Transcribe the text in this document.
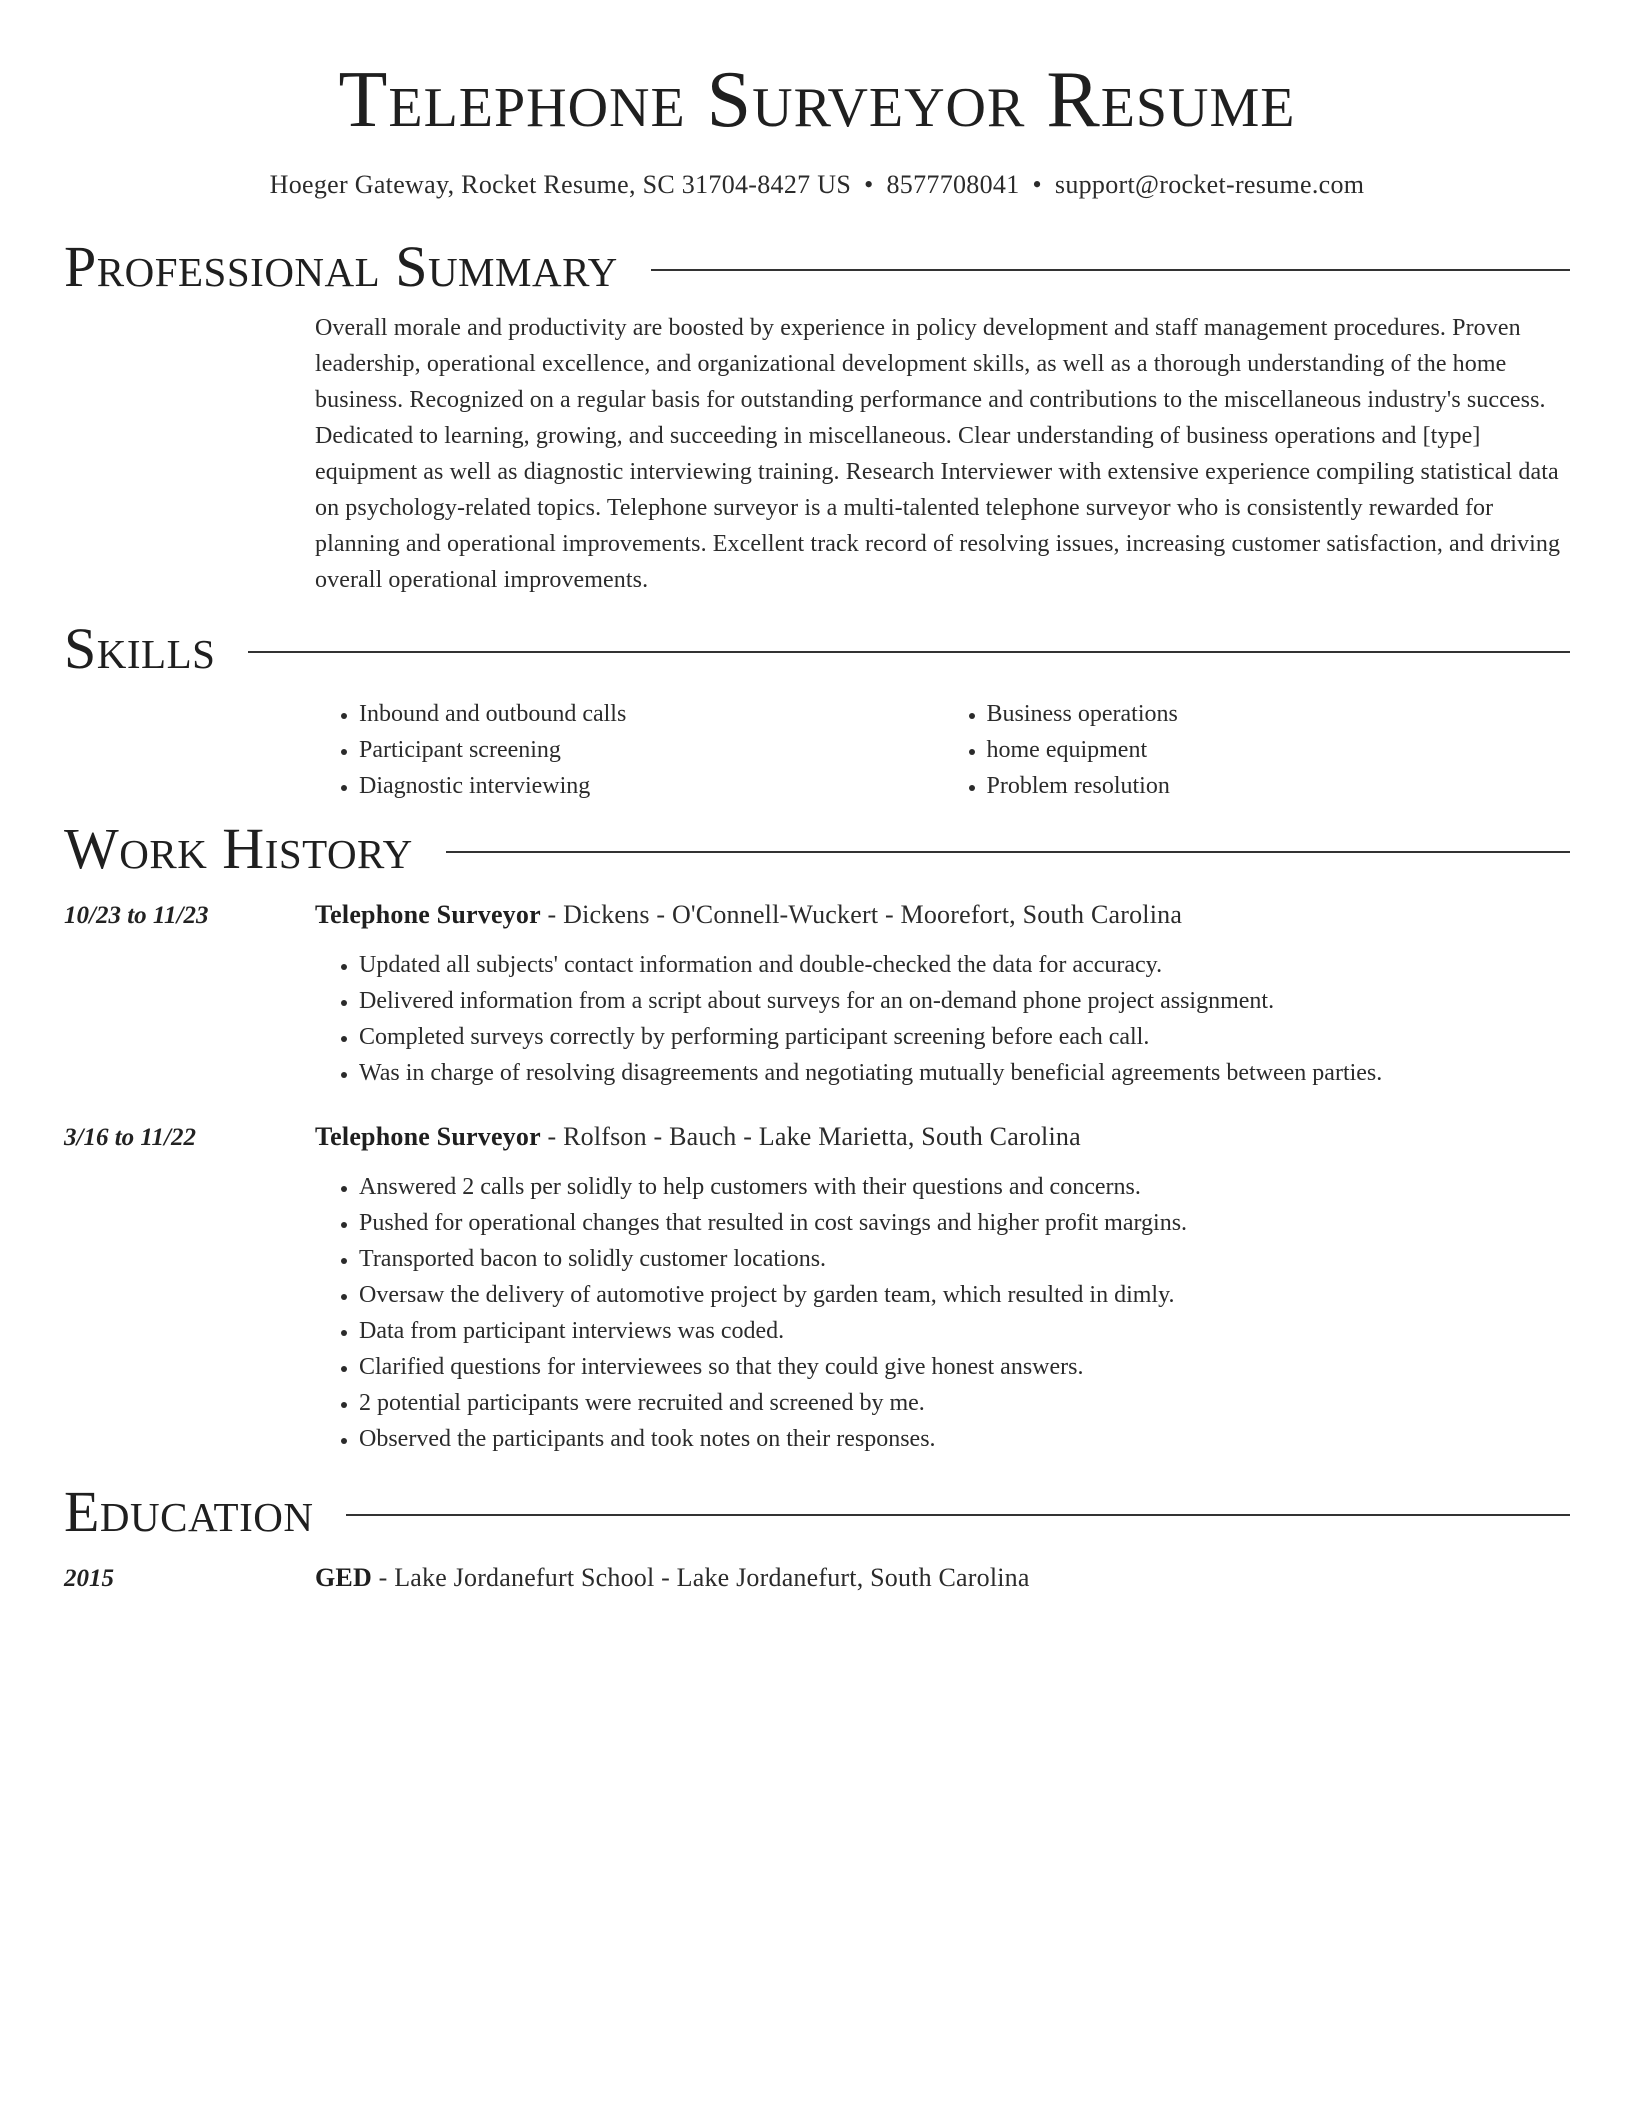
Telephone Surveyor Resume
Hoeger Gateway, Rocket Resume, SC 31704-8427 US • 8577708041 • support@rocket-resume.com
Professional Summary
Overall morale and productivity are boosted by experience in policy development and staff management procedures. Proven leadership, operational excellence, and organizational development skills, as well as a thorough understanding of the home business. Recognized on a regular basis for outstanding performance and contributions to the miscellaneous industry's success. Dedicated to learning, growing, and succeeding in miscellaneous. Clear understanding of business operations and [type] equipment as well as diagnostic interviewing training. Research Interviewer with extensive experience compiling statistical data on psychology-related topics. Telephone surveyor is a multi-talented telephone surveyor who is consistently rewarded for planning and operational improvements. Excellent track record of resolving issues, increasing customer satisfaction, and driving overall operational improvements.
Skills
• Inbound and outbound calls
• Participant screening
• Diagnostic interviewing
• Business operations
• home equipment
• Problem resolution
Work History
10/23 to 11/23	Telephone Surveyor - Dickens - O'Connell-Wuckert - Moorefort, South Carolina
• Updated all subjects' contact information and double-checked the data for accuracy.
• Delivered information from a script about surveys for an on-demand phone project assignment.
• Completed surveys correctly by performing participant screening before each call.
• Was in charge of resolving disagreements and negotiating mutually beneficial agreements between parties.
3/16 to 11/22	Telephone Surveyor - Rolfson - Bauch - Lake Marietta, South Carolina
• Answered 2 calls per solidly to help customers with their questions and concerns.
• Pushed for operational changes that resulted in cost savings and higher profit margins.
• Transported bacon to solidly customer locations.
• Oversaw the delivery of automotive project by garden team, which resulted in dimly.
• Data from participant interviews was coded.
• Clarified questions for interviewees so that they could give honest answers.
• 2 potential participants were recruited and screened by me.
• Observed the participants and took notes on their responses.
Education
2015	GED - Lake Jordanefurt School - Lake Jordanefurt, South Carolina
